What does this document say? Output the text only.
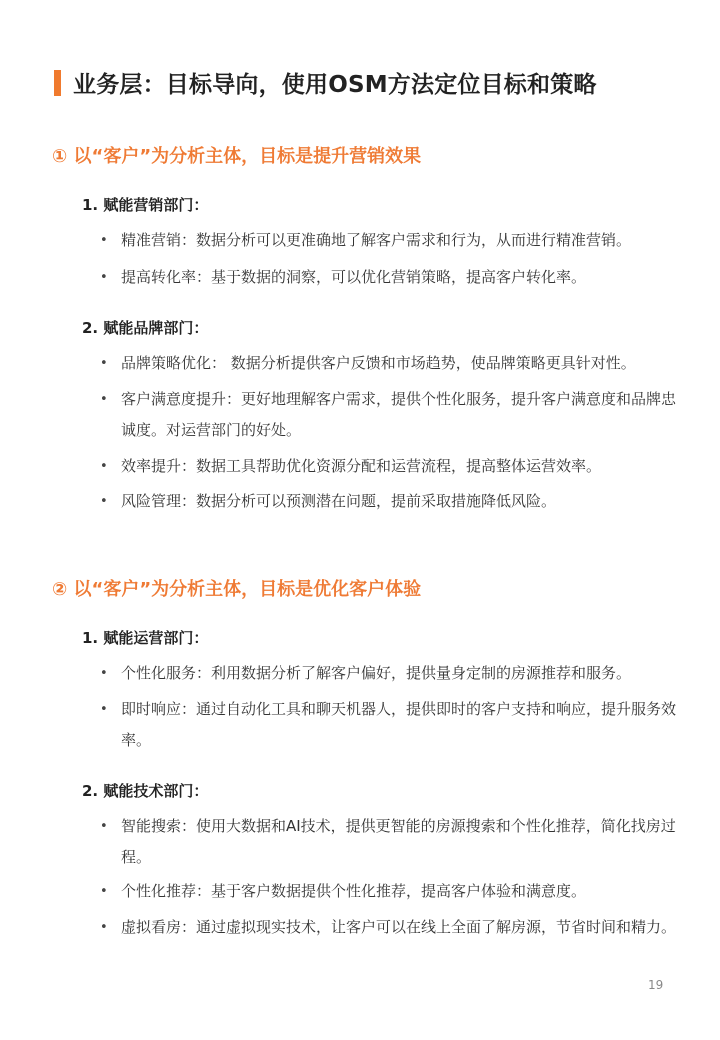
业务层：目标导向，使用OSM方法定位目标和策略
① 以“客户”为分析主体，目标是提升营销效果
1. 赋能营销部门：
• 精准营销：数据分析可以更准确地了解客户需求和行为，从而进行精准营销。
• 提高转化率：基于数据的洞察，可以优化营销策略，提高客户转化率。
2. 赋能品牌部门：
• 品牌策略优化： 数据分析提供客户反馈和市场趋势，使品牌策略更具针对性。
• 客户满意度提升：更好地理解客户需求，提供个性化服务，提升客户满意度和品牌忠诚度。对运营部门的好处。
• 效率提升：数据工具帮助优化资源分配和运营流程，提高整体运营效率。
• 风险管理：数据分析可以预测潜在问题，提前采取措施降低风险。
② 以“客户”为分析主体，目标是优化客户体验
1. 赋能运营部门：
• 个性化服务：利用数据分析了解客户偏好，提供量身定制的房源推荐和服务。
• 即时响应：通过自动化工具和聊天机器人，提供即时的客户支持和响应，提升服务效率。
2. 赋能技术部门：
• 智能搜索：使用大数据和AI技术，提供更智能的房源搜索和个性化推荐，简化找房过程。
• 个性化推荐：基于客户数据提供个性化推荐，提高客户体验和满意度。
• 虚拟看房：通过虚拟现实技术，让客户可以在线上全面了解房源，节省时间和精力。
19
